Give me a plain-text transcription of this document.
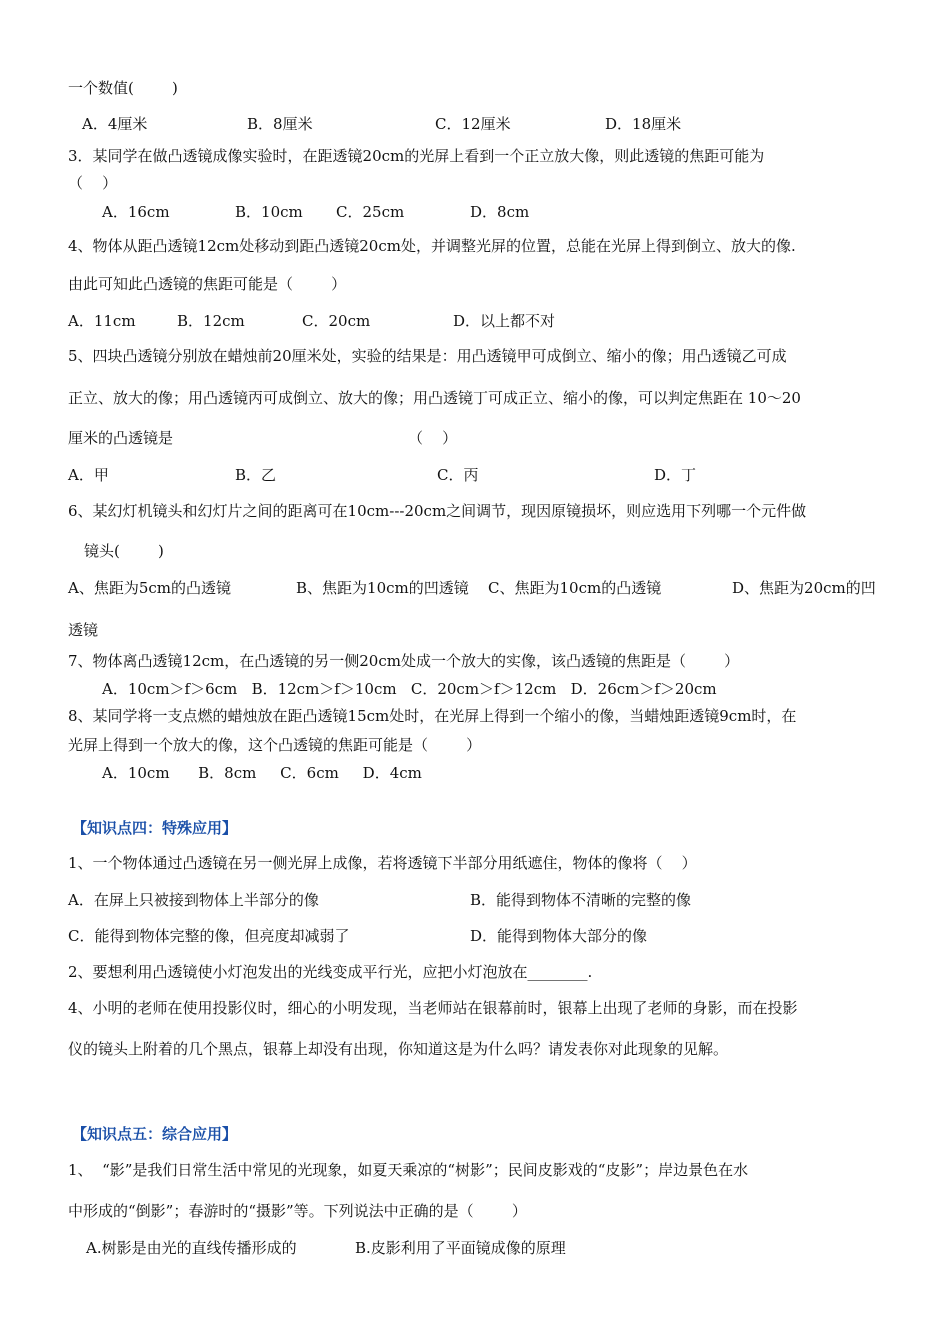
一个数值(        )
A．4厘米	B．8厘米	C．12厘米	D．18厘米
3．某同学在做凸透镜成像实验时，在距透镜20cm的光屏上看到一个正立放大像，则此透镜的焦距可能为
（    ）
A．16cm	B．10cm C．25cm	D．8cm
4、物体从距凸透镜12cm处移动到距凸透镜20cm处，并调整光屏的位置，总能在光屏上得到倒立、放大的像.
由此可知此凸透镜的焦距可能是（        ）
A．11cm	B．12cm	C．20cm	D．以上都不对
5、四块凸透镜分别放在蜡烛前20厘米处，实验的结果是：用凸透镜甲可成倒立、缩小的像；用凸透镜乙可成
正立、放大的像；用凸透镜丙可成倒立、放大的像；用凸透镜丁可成正立、缩小的像，可以判定焦距在 10～20
厘米的凸透镜是	（    ）
A．甲	B．乙	C．丙	D．丁
6、某幻灯机镜头和幻灯片之间的距离可在10cm---20cm之间调节，现因原镜损坏，则应选用下列哪一个元件做
镜头(        )
A、焦距为5cm的凸透镜	B、焦距为10cm的凹透镜 C、焦距为10cm的凸透镜	D、焦距为20cm的凹
透镜
7、物体离凸透镜12cm，在凸透镜的另一侧20cm处成一个放大的实像，该凸透镜的焦距是（        ）
A．10cm＞f＞6cm   B．12cm＞f＞10cm   C．20cm＞f＞12cm   D．26cm＞f＞20cm
8、某同学将一支点燃的蜡烛放在距凸透镜15cm处时，在光屏上得到一个缩小的像，当蜡烛距透镜9cm时，在
光屏上得到一个放大的像，这个凸透镜的焦距可能是（        ）
A．10cm      B．8cm     C．6cm     D．4cm
【知识点四：特殊应用】
1、一个物体通过凸透镜在另一侧光屏上成像，若将透镜下半部分用纸遮住，物体的像将（    ）
A．在屏上只被接到物体上半部分的像	B．能得到物体不清晰的完整的像
C．能得到物体完整的像，但亮度却减弱了	D．能得到物体大部分的像
2、要想利用凸透镜使小灯泡发出的光线变成平行光，应把小灯泡放在________.
4、小明的老师在使用投影仪时，细心的小明发现，当老师站在银幕前时，银幕上出现了老师的身影，而在投影
仪的镜头上附着的几个黑点，银幕上却没有出现，你知道这是为什么吗？请发表你对此现象的见解。
【知识点五：综合应用】
1、  “影”是我们日常生活中常见的光现象，如夏天乘凉的“树影”；民间皮影戏的“皮影”；岸边景色在水
中形成的“倒影”；春游时的“摄影”等。下列说法中正确的是（        ）
A.树影是由光的直线传播形成的	B.皮影利用了平面镜成像的原理
